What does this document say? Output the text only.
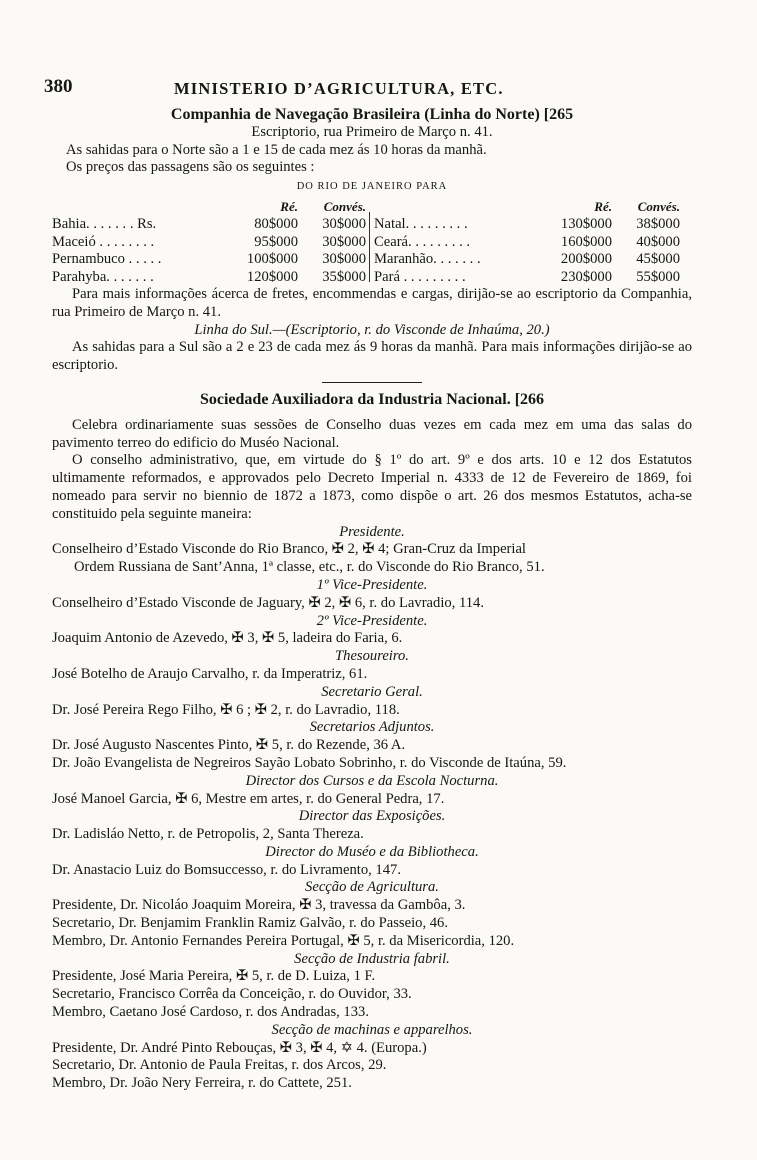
380	MINISTERIO D’AGRICULTURA, ETC.
Companhia de Navegação Brasileira (Linha do Norte) [265
Escriptorio, rua Primeiro de Março n. 41.
As sahidas para o Norte são a 1 e 15 de cada mez ás 10 horas da manhã.
Os preços das passagens são os seguintes :
DO RIO DE JANEIRO PARA

Bahia. . . . . . . Rs.
Maceió . . . . . . . .
Pernambuco . . . . .
Parahyba. . . . . . .
Ré.
80$000
95$000
100$000
120$000
Convés.
30$000
30$000
30$000
35$000

Natal. . . . . . . . .
Ceará. . . . . . . . .
Maranhão. . . . . . .
Pará . . . . . . . . .
Ré.
130$000
160$000
200$000
230$000
Convés.
38$000
40$000
45$000
55$000
Para mais informações ácerca de fretes, encommendas e cargas, dirijão-se ao escriptorio da Companhia, rua Primeiro de Março n. 41.
Linha do Sul.—(Escriptorio, r. do Visconde de Inhaúma, 20.)
As sahidas para a Sul são a 2 e 23 de cada mez ás 9 horas da manhã. Para mais informações dirijão-se ao escriptorio.
Sociedade Auxiliadora da Industria Nacional. [266
Celebra ordinariamente suas sessões de Conselho duas vezes em cada mez em uma das salas do pavimento terreo do edificio do Muséo Nacional.
O conselho administrativo, que, em virtude do § 1º do art. 9º e dos arts. 10 e 12 dos Estatutos ultimamente reformados, e approvados pelo Decreto Imperial n. 4333 de 12 de Fevereiro de 1869, foi nomeado para servir no biennio de 1872 a 1873, como dispõe o art. 26 dos mesmos Estatutos, acha-se constituido pela seguinte maneira:
Presidente.
Conselheiro d’Estado Visconde do Rio Branco, ✠ 2, ✠ 4; Gran-Cruz da Imperial
Ordem Russiana de Sant’Anna, 1ª classe, etc., r. do Visconde do Rio Branco, 51.
1º Vice-Presidente.
Conselheiro d’Estado Visconde de Jaguary, ✠ 2, ✠ 6, r. do Lavradio, 114.
2º Vice-Presidente.
Joaquim Antonio de Azevedo, ✠ 3, ✠ 5, ladeira do Faria, 6.
Thesoureiro.
José Botelho de Araujo Carvalho, r. da Imperatriz, 61.
Secretario Geral.
Dr. José Pereira Rego Filho, ✠ 6 ; ✠ 2, r. do Lavradio, 118.
Secretarios Adjuntos.
Dr. José Augusto Nascentes Pinto, ✠ 5, r. do Rezende, 36 A.
Dr. João Evangelista de Negreiros Sayão Lobato Sobrinho, r. do Visconde de Itaúna, 59.
Director dos Cursos e da Escola Nocturna.
José Manoel Garcia, ✠ 6, Mestre em artes, r. do General Pedra, 17.
Director das Exposições.
Dr. Ladisláo Netto, r. de Petropolis, 2, Santa Thereza.
Director do Muséo e da Bibliotheca.
Dr. Anastacio Luiz do Bomsuccesso, r. do Livramento, 147.
Secção de Agricultura.
Presidente, Dr. Nicoláo Joaquim Moreira, ✠ 3, travessa da Gambôa, 3.
Secretario, Dr. Benjamim Franklin Ramiz Galvão, r. do Passeio, 46.
Membro, Dr. Antonio Fernandes Pereira Portugal, ✠ 5, r. da Misericordia, 120.
Secção de Industria fabril.
Presidente, José Maria Pereira, ✠ 5, r. de D. Luiza, 1 F.
Secretario, Francisco Corrêa da Conceição, r. do Ouvidor, 33.
Membro, Caetano José Cardoso, r. dos Andradas, 133.
Secção de machinas e apparelhos.
Presidente, Dr. André Pinto Rebouças, ✠ 3, ✠ 4, ✡ 4. (Europa.)
Secretario, Dr. Antonio de Paula Freitas, r. dos Arcos, 29.
Membro, Dr. João Nery Ferreira, r. do Cattete, 251.
